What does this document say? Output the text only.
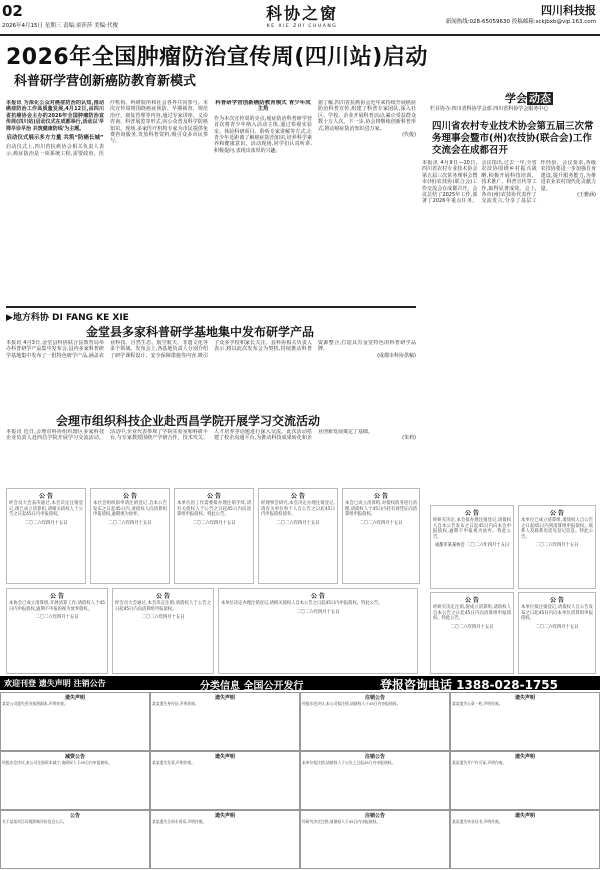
02
2026年4月15日 星期三 责编:童莎莎 美编:代俊
科协之窗
KE XIE ZHI CHUANG
四川科技报
新闻热线:028-65059630 投稿邮箱:sckjbxb@vip.163.com
2026年全国肿瘤防治宣传周(四川站)启动
科普研学营创新癌防教育新模式

本报讯 为深化公众对癌症防治的认知,推动癌症防治工作高质量发展,4月12日,由四川省抗癌协会主办的2026年全国肿瘤防治宣传周(四川站)启动仪式在成都举行,活动以'早筛早诊早治 共筑健康防线'为主题。

启动仪式展示多方力量 共筑“防癌长城”

启动仪式上,四川省抗癌协会相关负责人表示,癌症防治是一项系统工程,需要政府、医疗机构、科研院所和社会各界共同参与。本次宣传周将围绕癌症预防、早期筛查、规范治疗、康复管理等内容,通过专家讲座、义诊咨询、科普展览等形式,向公众普及科学防癌知识。现场,多家医疗机构专家为市民提供免费咨询服务,发放科普资料,吸引众多市民参与。

科普研学营创新癌防教育模式 青少年成主角

作为本次宣传周的亮点,癌症防治科普研学营首次将青少年纳入活动主体,通过参观实验室、体验科研项目、聆听专家讲解等方式,让青少年近距离了解癌症防治知识,培养科学素养和健康意识。活动现场,同学们认真听讲,积极提问,表现出浓厚的兴趣。

据了解,四川省抗癌协会近年来持续开展癌症防治科普宣传,组建了科普专家团队,深入社区、学校、企业开展科普活动,累计受益群众数十万人次。下一步,协会将继续创新科普形式,推动癌症防治知识进万家。

(代俊)

学会 动态
栏目协办:四川省科协学会部 四川省科协学会服务中心
四川省农村专业技术协会第五届三次常务理事会暨市(州)农技协(联合会)工作交流会在成都召开

本报讯 4月9日—10日,四川省农村专业技术协会第五届三次常务理事会暨市(州)农技协(联合会)工作交流会在成都召开。会议总结了2025年工作,部署了2026年重点任务。会议指出,过去一年,全省农技协围绕乡村振兴战略,积极开展科技培训、技术推广、科普宣传等工作,取得显著成效。会上,各市(州)农技协代表作了交流发言,分享了基层工作经验。会议要求,各级农技协要进一步加强自身建设,提升服务能力,为推进农业农村现代化贡献力量。

(王雅涵)

▶地方科协 DI FANG KE XIE
金堂县多家科普研学基地集中发布研学产品

本报讯 4月3日,金堂县科协联合县教育局举办科普研学产品集中发布会,县内多家科普研学基地集中发布了一批特色研学产品,涵盖农业科技、自然生态、航空航天、非遗文化等多个领域。发布会上,各基地负责人分别介绍了研学课程设计、安全保障措施等内容,吸引了众多学校和家长关注。县科协相关负责人表示,将以此次发布会为契机,持续推动科普资源整合,打造具有金堂特色的科普研学品牌。

(成都市科协供稿)

会理市组织科技企业赴西昌学院开展学习交流活动

本报讯 近日,会理市科协组织辖区多家科技企业负责人赴西昌学院开展学习交流活动。活动中,企业代表参观了学院实验室和科研平台,与专家教授围绕产学研合作、技术攻关、人才培养等话题进行深入交流。此次活动搭建了校企沟通平台,为推动科技成果转化和企业创新发展奠定了基础。

(朱莉)

公 告
经研究决定,本会拟办理注销登记,请债权人自本公告发布之日起45日内向本会申报债权,逾期不申报视为放弃。特此公告。
成都市某某协会 二〇二六年四月十五日
公 告
本单位已成立清算组,请债权人自公告之日起45日内到清算组申报债权。联系人及联系电话见登记信息。特此公告。
二〇二六年四月十五日
公 告
经会员大会表决通过,本会决定注销登记,现已成立清算组,请相关债权人于公告之日起45日内申报债权。
二〇二六年四月十五日
公 告
本社会组织拟申请注销登记,自本公告发布之日起45日内,请债权人向清算组申报债权,逾期视为放弃。
二〇二六年四月十五日
公 告
本单位因工作需要拟办理注销手续,请有关债权人于公告之日起45日内向清算组申报债权。特此公告。
二〇二六年四月十五日
公 告
经理事会研究,本会决定办理注销登记,请有关单位和个人自公告之日起45日内申报债权债务。
二〇二六年四月十五日
公 告
本会已成立清算组,对债权债务进行清理,请债权人于45日内持有效凭证向清算组申报债权。
二〇二六年四月十五日
公 告
经研究决定注销,现成立清算组,请债权人自本公告之日起45日内向清算组申报债权。特此公告。
二〇二六年四月十五日
公 告
本单位拟注销登记,请债权人自公告发布之日起45日内向本单位清算组申报债权。
二〇二六年四月十五日
公 告
本协会已成立清算组,开展清算工作,请债权人于45日内申报债权,逾期不申报的视为放弃债权。
二〇二六年四月十五日
公 告
经会员大会通过,本会决定注销,请债权人于公告之日起45日内向清算组申报债权。
二〇二六年四月十五日
公 告
本单位决定办理注销登记,请相关债权人自本公告之日起45日内申报债权。特此公告。
二〇二六年四月十五日
欢迎刊登 遗失声明 注销公告	分类信息 全国公开发行	登报咨询电话 1388-028-1755
遗失声明
某某公司遗失营业执照副本,声明作废。
遗失声明
某某遗失身份证,声明作废。
注销公告
经股东会决议,本公司拟注销,请债权人于45日内申报债权。
遗失声明
某某遗失公章一枚,声明作废。
减资公告
经股东会决议,本公司注册资本减少,请债权人于45日内申报债权。
遗失声明
某某遗失发票,声明作废。
注销公告
本单位拟注销,请债权人于公告之日起45日内申报债权。
遗失声明
某某遗失开户许可证,声明作废。
公告
关于某某项目环境影响评价信息公示。
遗失声明
某某遗失合同专用章,声明作废。
注销公告
经研究决定注销,请债权人于45日内申报债权。
遗失声明
某某遗失毕业证书,声明作废。
